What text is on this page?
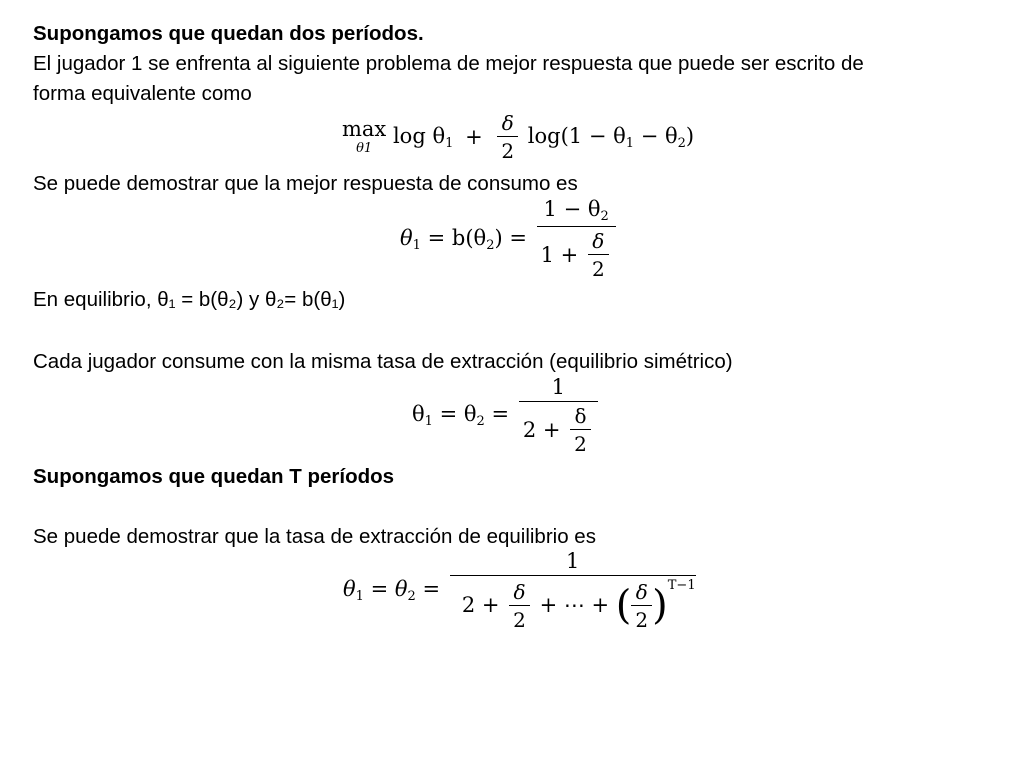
Supongamos que quedan dos períodos.
El jugador 1 se enfrenta al siguiente problema de mejor respuesta que puede ser escrito de
forma equivalente como
max
θ1
$\log \theta_1 + \frac{\delta}{2} \log(1 - \theta_1 - \theta_2)$
Se puede demostrar que la mejor respuesta de consumo es
$\theta_1 = b(\theta_2) = \frac{1 - \theta_2}{1 + \frac{\delta}{2}}$
En equilibrio, θ₁ = b(θ₂) y θ₂= b(θ₁)
Cada jugador consume con la misma tasa de extracción (equilibrio simétrico)
$\theta_1 = \theta_2 = \frac{1}{2 + \frac{\delta}{2}}$
Supongamos que quedan T períodos
Se puede demostrar que la tasa de extracción de equilibrio es
$\theta_1 = \theta_2$ =
1
$2 + \frac{\delta}{2}$ + ⋯ + ( $\frac{\delta}{2} )^{T-1}$
